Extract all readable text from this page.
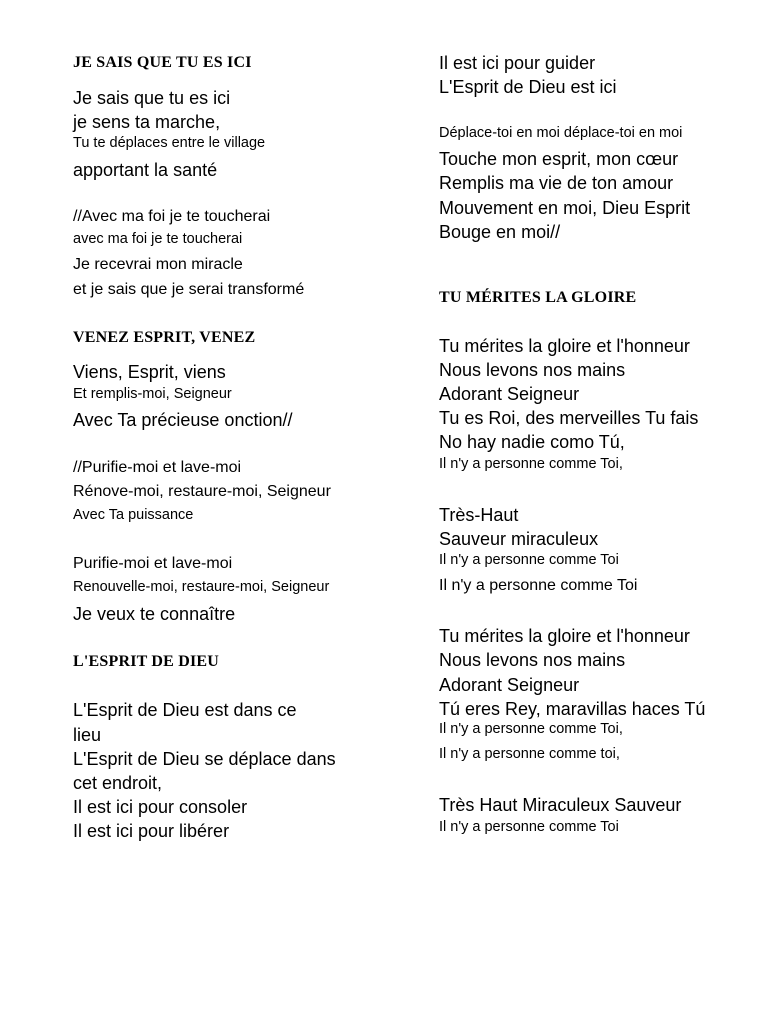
JE SAIS QUE TU ES ICI
Je sais que tu es ici
je sens ta marche,
Tu te déplaces entre le village
apportant la santé
//Avec ma foi je te toucherai
avec ma foi je te toucherai
Je recevrai mon miracle
et je sais que je serai transformé
VENEZ ESPRIT, VENEZ
Viens, Esprit, viens
Et remplis-moi, Seigneur
Avec Ta précieuse onction//
//Purifie-moi et lave-moi
Rénove-moi, restaure-moi, Seigneur
Avec Ta puissance
Purifie-moi et lave-moi
Renouvelle-moi, restaure-moi, Seigneur
Je veux te connaître
L'ESPRIT DE DIEU
L'Esprit de Dieu est dans ce
lieu
L'Esprit de Dieu se déplace dans
cet endroit,
Il est ici pour consoler
Il est ici pour libérer
Il est ici pour guider
L'Esprit de Dieu est ici
Déplace-toi en moi déplace-toi en moi
Touche mon esprit, mon cœur
Remplis ma vie de ton amour
Mouvement en moi, Dieu Esprit
Bouge en moi//
TU MÉRITES LA GLOIRE
Tu mérites la gloire et l'honneur
Nous levons nos mains
Adorant Seigneur
Tu es Roi, des merveilles Tu fais
No hay nadie como Tú,
Il n'y a personne comme Toi,
Très-Haut
Sauveur miraculeux
Il n'y a personne comme Toi
Il n'y a personne comme Toi
Tu mérites la gloire et l'honneur
Nous levons nos mains
Adorant Seigneur
Tú eres Rey, maravillas haces Tú
Il n'y a personne comme Toi,
Il n'y a personne comme toi,
Très Haut Miraculeux Sauveur
Il n'y a personne comme Toi
